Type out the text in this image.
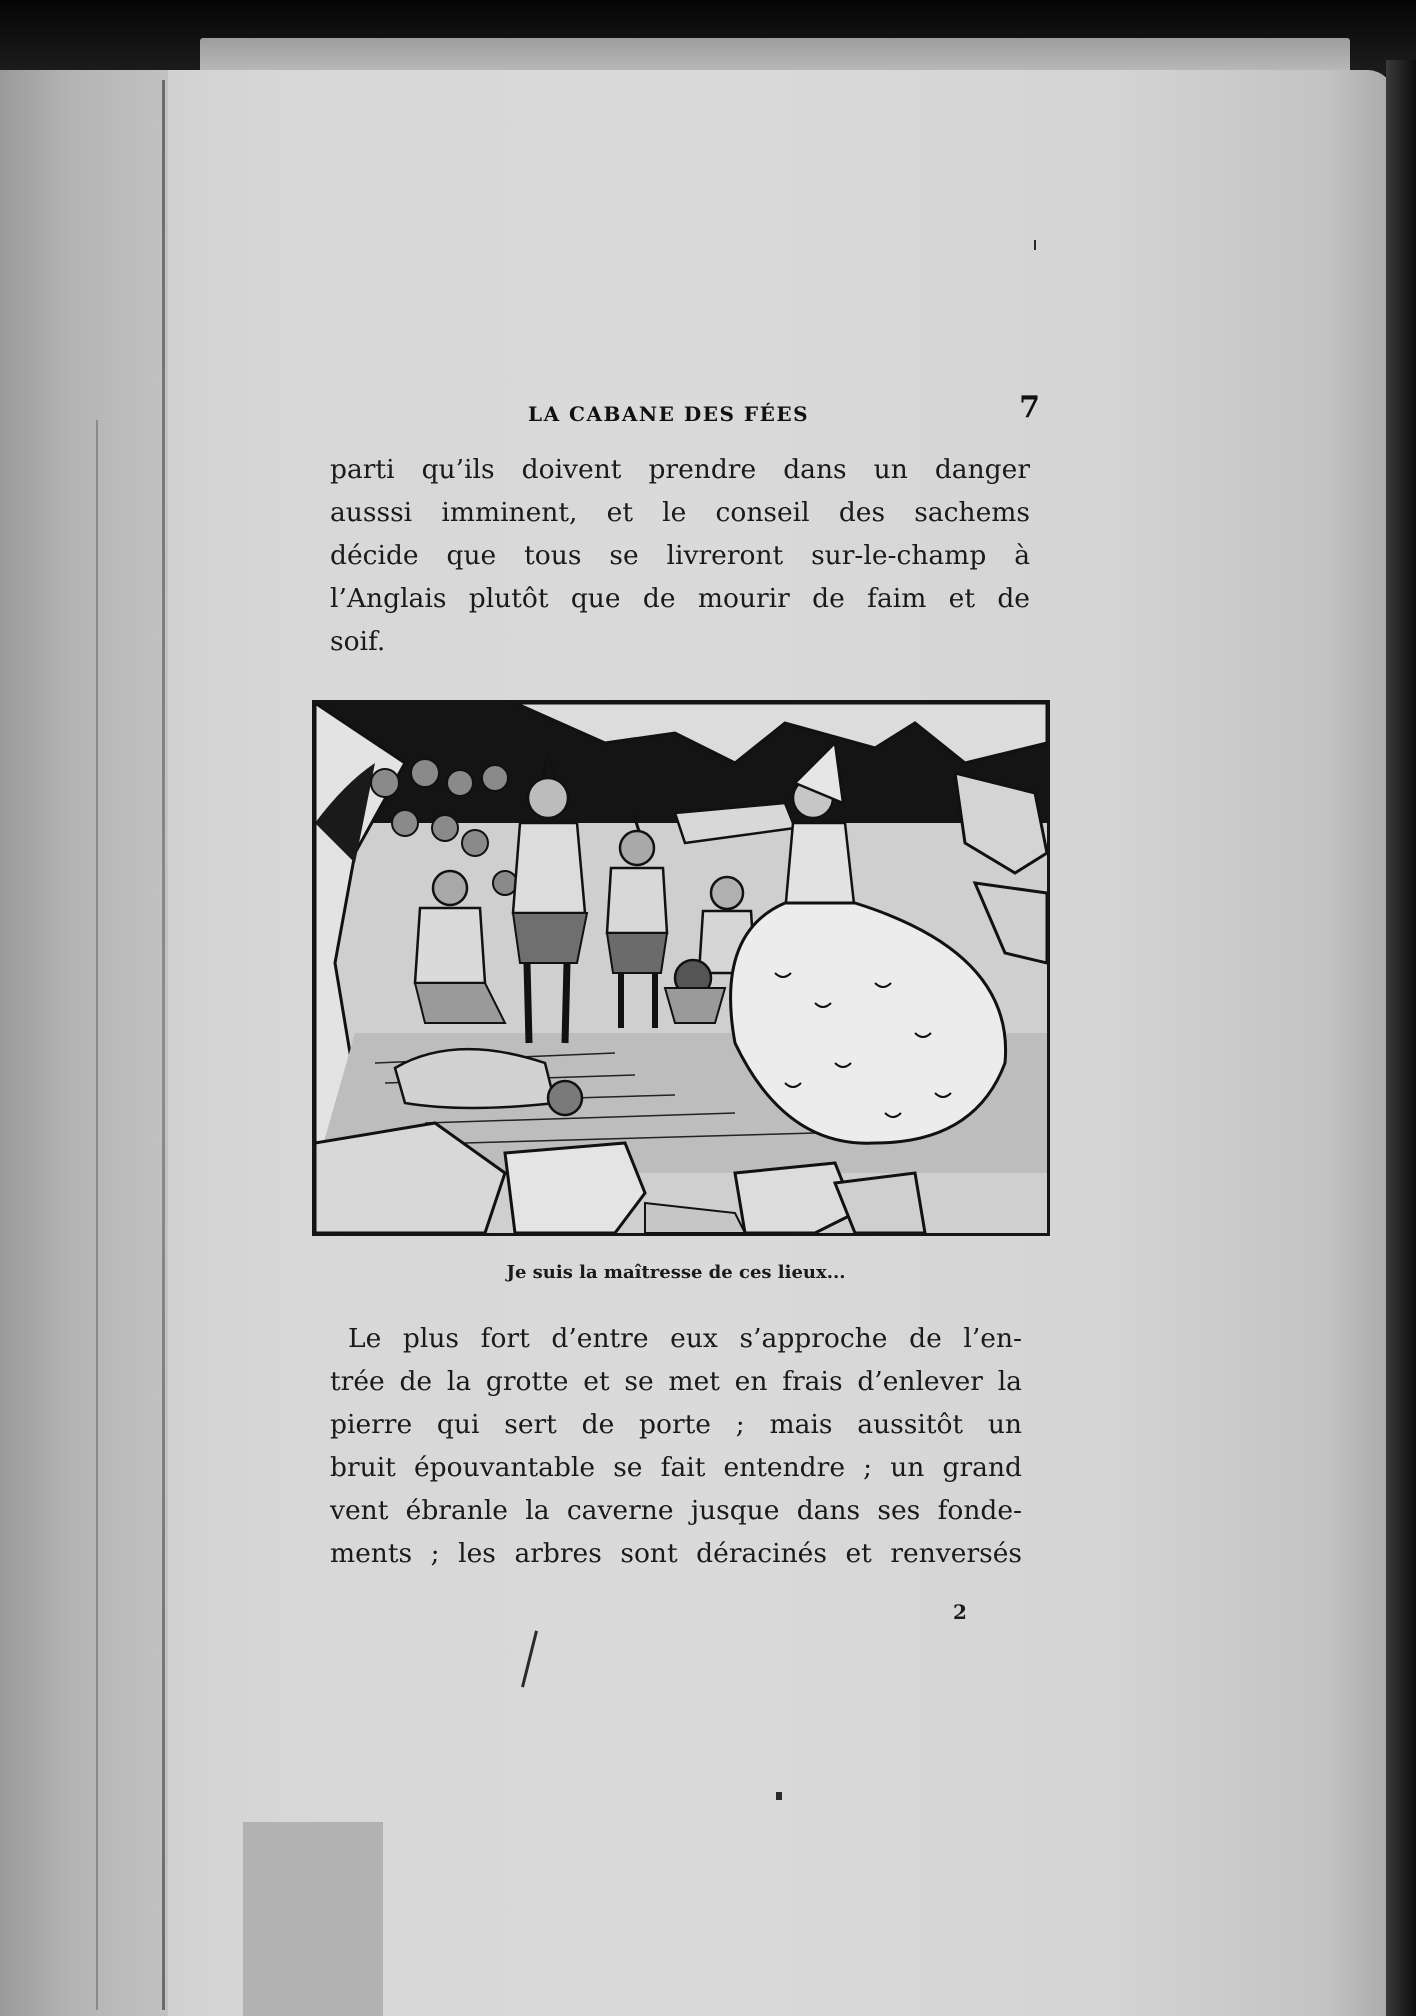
LA CABANE DES FÉES	7
parti qu’ils doivent prendre dans un danger
ausssi imminent, et le conseil des sachems
décide que tous se livreront sur-le-champ à
l’Anglais plutôt que de mourir de faim et de
soif.
Je suis la maîtresse de ces lieux...
Le plus fort d’entre eux s’approche de l’en-
trée de la grotte et se met en frais d’enlever la
pierre qui sert de porte ; mais aussitôt un
bruit épouvantable se fait entendre ; un grand
vent ébranle la caverne jusque dans ses fonde-
ments ; les arbres sont déracinés et renversés
2
